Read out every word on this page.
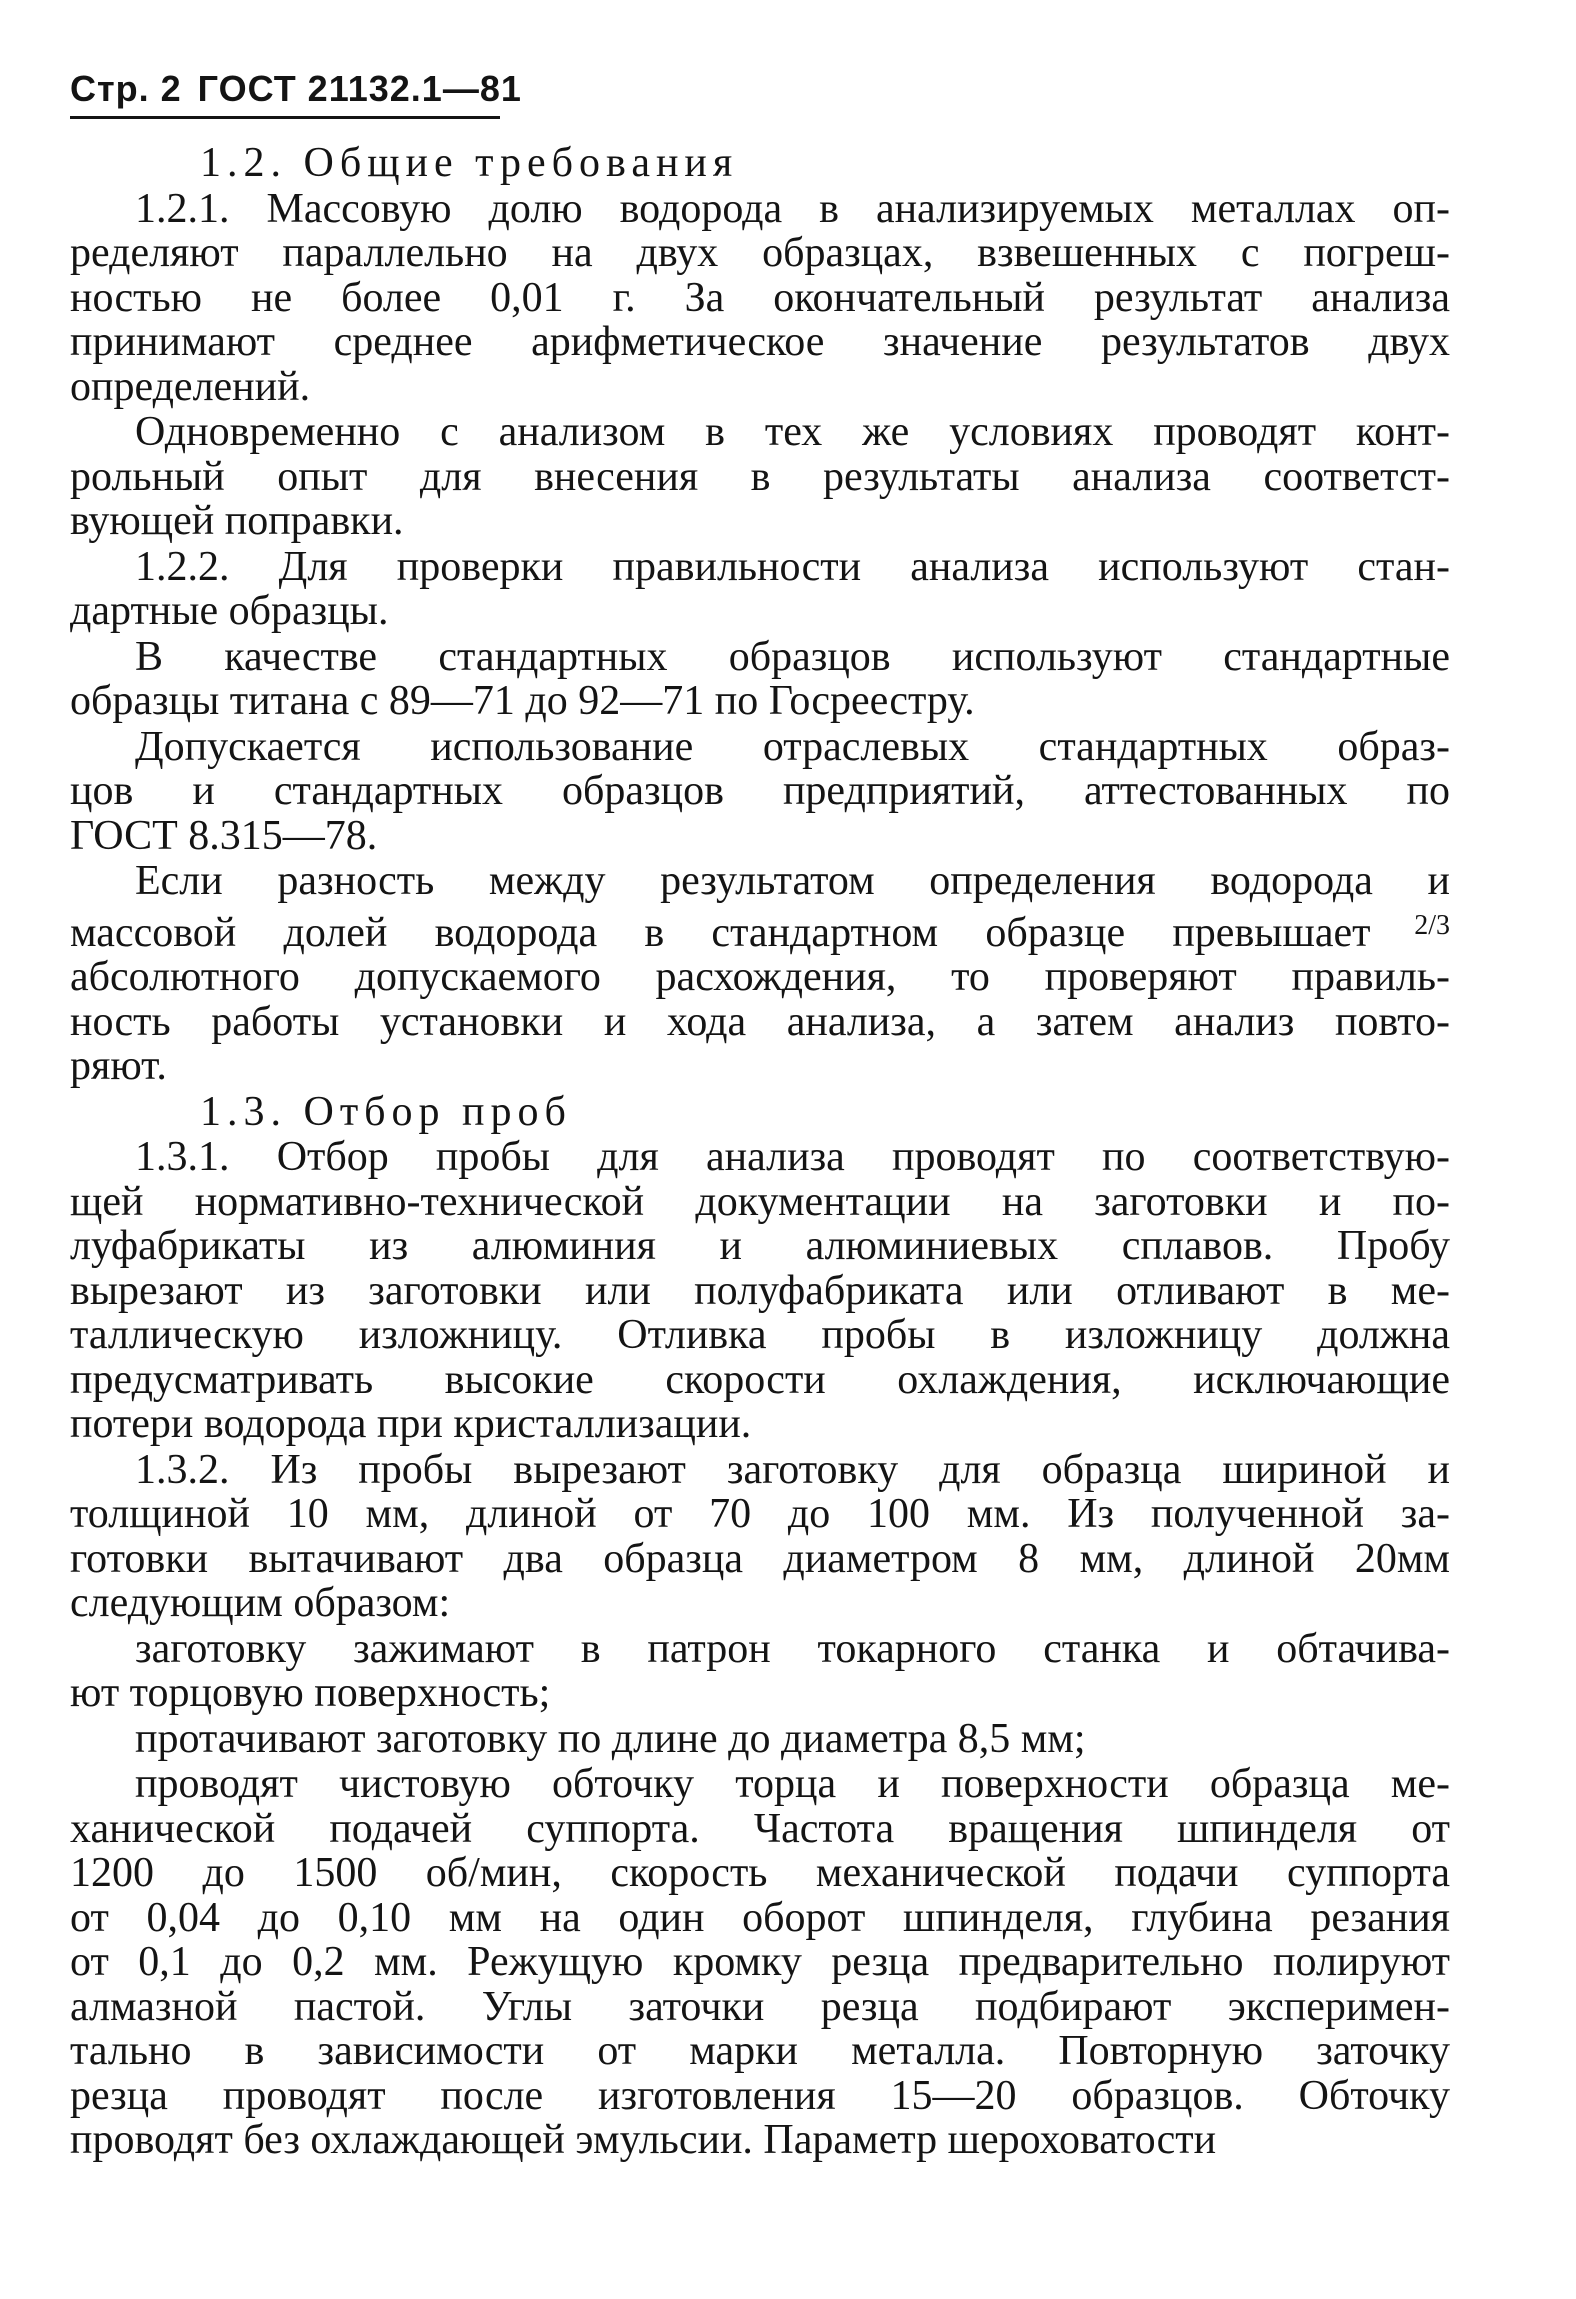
Стр. 2 ГОСТ 21132.1—81
1.2. Общие требования
1.2.1. Массовую долю водорода в анализируемых металлах оп-
ределяют параллельно на двух образцах, взвешенных с погреш-
ностью не более 0,01 г. За окончательный результат анализа
принимают среднее арифметическое значение результатов двух
определений.
Одновременно с анализом в тех же условиях проводят конт-
рольный опыт для внесения в результаты анализа соответст-
вующей поправки.
1.2.2. Для проверки правильности анализа используют стан-
дартные образцы.
В качестве стандартных образцов используют стандартные
образцы титана с 89—71 до 92—71 по Госреестру.
Допускается использование отраслевых стандартных образ-
цов и стандартных образцов предприятий, аттестованных по
ГОСТ 8.315—78.
Если разность между результатом определения водорода и
массовой долей водорода в стандартном образце превышает $^{2/3}$
абсолютного допускаемого расхождения, то проверяют правиль-
ность работы установки и хода анализа, а затем анализ повто-
ряют.
1.3. Отбор проб
1.3.1. Отбор пробы для анализа проводят по соответствую-
щей нормативно-технической документации на заготовки и по-
луфабрикаты из алюминия и алюминиевых сплавов. Пробу
вырезают из заготовки или полуфабриката или отливают в ме-
таллическую изложницу. Отливка пробы в изложницу должна
предусматривать высокие скорости охлаждения, исключающие
потери водорода при кристаллизации.
1.3.2. Из пробы вырезают заготовку для образца шириной и
толщиной 10 мм, длиной от 70 до 100 мм. Из полученной за-
готовки вытачивают два образца диаметром 8 мм, длиной 20мм
следующим образом:
заготовку зажимают в патрон токарного станка и обтачива-
ют торцовую поверхность;
протачивают заготовку по длине до диаметра 8,5 мм;
проводят чистовую обточку торца и поверхности образца ме-
ханической подачей суппорта. Частота вращения шпинделя от
1200 до 1500 об/мин, скорость механической подачи суппорта
от 0,04 до 0,10 мм на один оборот шпинделя, глубина резания
от 0,1 до 0,2 мм. Режущую кромку резца предварительно полируют
алмазной пастой. Углы заточки резца подбирают эксперимен-
тально в зависимости от марки металла. Повторную заточку
резца проводят после изготовления 15—20 образцов. Обточку
проводят без охлаждающей эмульсии. Параметр шероховатости
